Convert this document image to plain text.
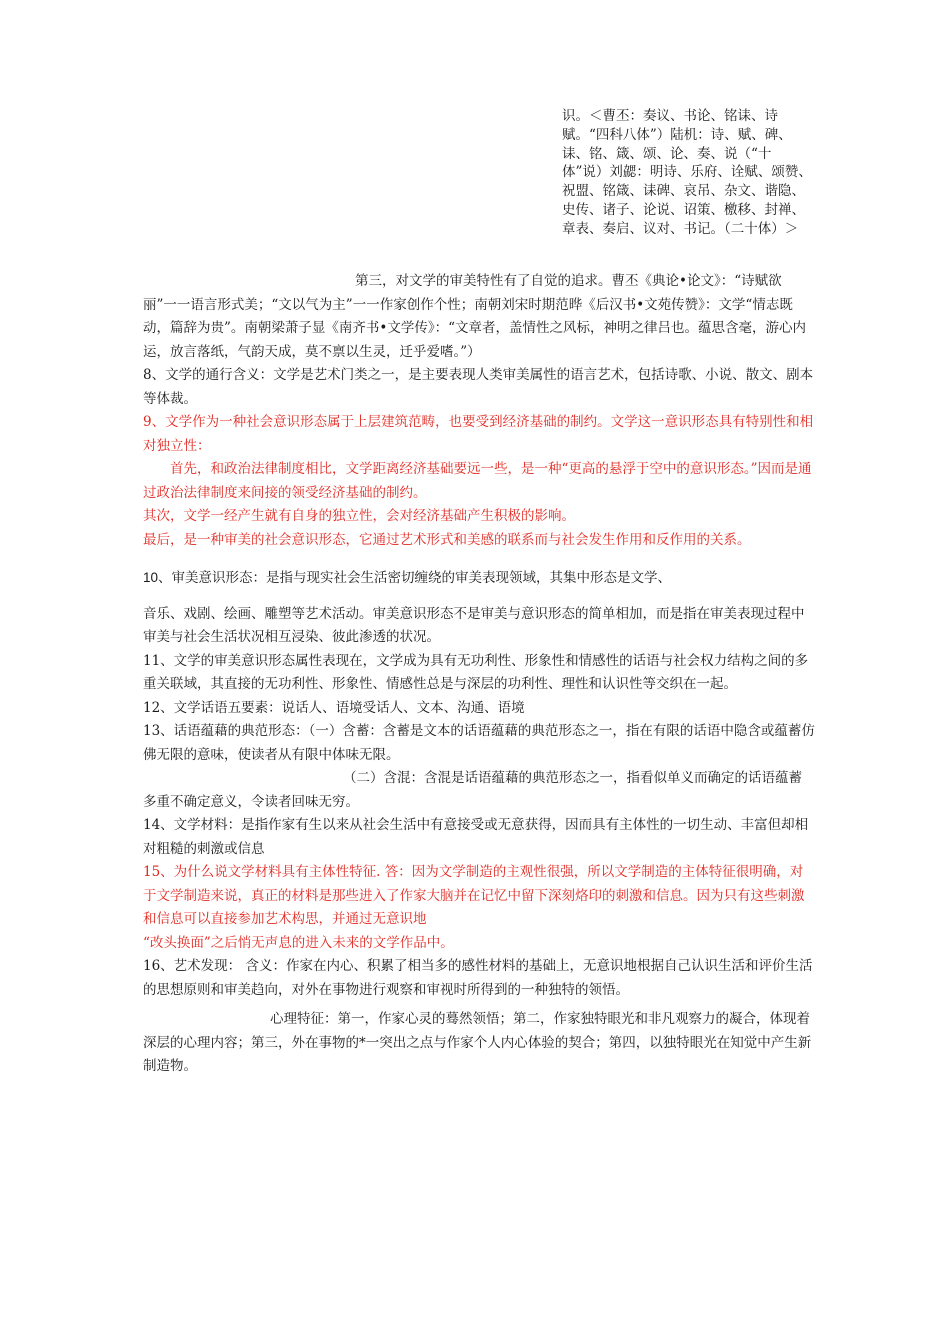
识。＜曹丕：奏议、书论、铭诔、诗赋。“四科八体”）陆机：诗、赋、碑、诔、铭、箴、颂、论、奏、说（“十体”说）刘勰：明诗、乐府、诠赋、颂赞、祝盟、铭箴、诔碑、哀吊、杂文、谐隐、史传、诸子、论说、诏策、檄移、封禅、章表、奏启、议对、书记。（二十体）＞

第三，对文学的审美特性有了自觉的追求。曹丕《典论•论文》：“诗赋欲丽”一一语言形式美；“文以气为主”一一作家创作个性；南朝刘宋时期范晔《后汉书•文苑传赞》：文学“情志既动，篇辞为贵”。南朝梁萧子显《南齐书•文学传》：“文章者，盖情性之风标，神明之律吕也。蕴思含毫，游心内运，放言落纸，气韵天成，莫不禀以生灵，迁乎爱嗜。”）

8、文学的通行含义：文学是艺术门类之一，是主要表现人类审美属性的语言艺术，包括诗歌、小说、散文、剧本等体裁。

9、文学作为一种社会意识形态属于上层建筑范畴，也要受到经济基础的制约。文学这一意识形态具有特别性和相对独立性：

首先，和政治法律制度相比，文学距离经济基础要远一些，是一种“更高的悬浮于空中的意识形态。”因而是通过政治法律制度来间接的领受经济基础的制约。

其次，文学一经产生就有自身的独立性，会对经济基础产生积极的影响。

最后，是一种审美的社会意识形态，它通过艺术形式和美感的联系而与社会发生作用和反作用的关系。

10、审美意识形态：是指与现实社会生活密切缠绕的审美表现领域，其集中形态是文学、

音乐、戏剧、绘画、雕塑等艺术活动。审美意识形态不是审美与意识形态的简单相加，而是指在审美表现过程中审美与社会生活状况相互浸染、彼此渗透的状况。

11、文学的审美意识形态属性表现在，文学成为具有无功利性、形象性和情感性的话语与社会权力结构之间的多重关联域，其直接的无功利性、形象性、情感性总是与深层的功利性、理性和认识性等交织在一起。

12、文学话语五要素：说话人、语境受话人、文本、沟通、语境

13、话语蕴藉的典范形态：（一）含蓄：含蓄是文本的话语蕴藉的典范形态之一，指在有限的话语中隐含或蕴蓄仿佛无限的意味，使读者从有限中体味无限。

（二）含混：含混是话语蕴藉的典范形态之一，指看似单义而确定的话语蕴蓄多重不确定意义，令读者回味无穷。

14、文学材料：是指作家有生以来从社会生活中有意接受或无意获得，因而具有主体性的一切生动、丰富但却相对粗糙的刺激或信息

15、为什么说文学材料具有主体性特征. 答：因为文学制造的主观性很强，所以文学制造的主体特征很明确，对于文学制造来说，真正的材料是那些进入了作家大脑并在记忆中留下深刻烙印的刺激和信息。因为只有这些刺激和信息可以直接参加艺术构思，并通过无意识地

“改头换面”之后悄无声息的进入未来的文学作品中。

16、艺术发现： 含义：作家在内心、积累了相当多的感性材料的基础上，无意识地根据自己认识生活和评价生活的思想原则和审美趋向，对外在事物进行观察和审视时所得到的一种独特的领悟。

心理特征：第一，作家心灵的蓦然领悟；第二，作家独特眼光和非凡观察力的凝合，体现着深层的心理内容；第三，外在事物的*一突出之点与作家个人内心体验的契合；第四，以独特眼光在知觉中产生新制造物。
